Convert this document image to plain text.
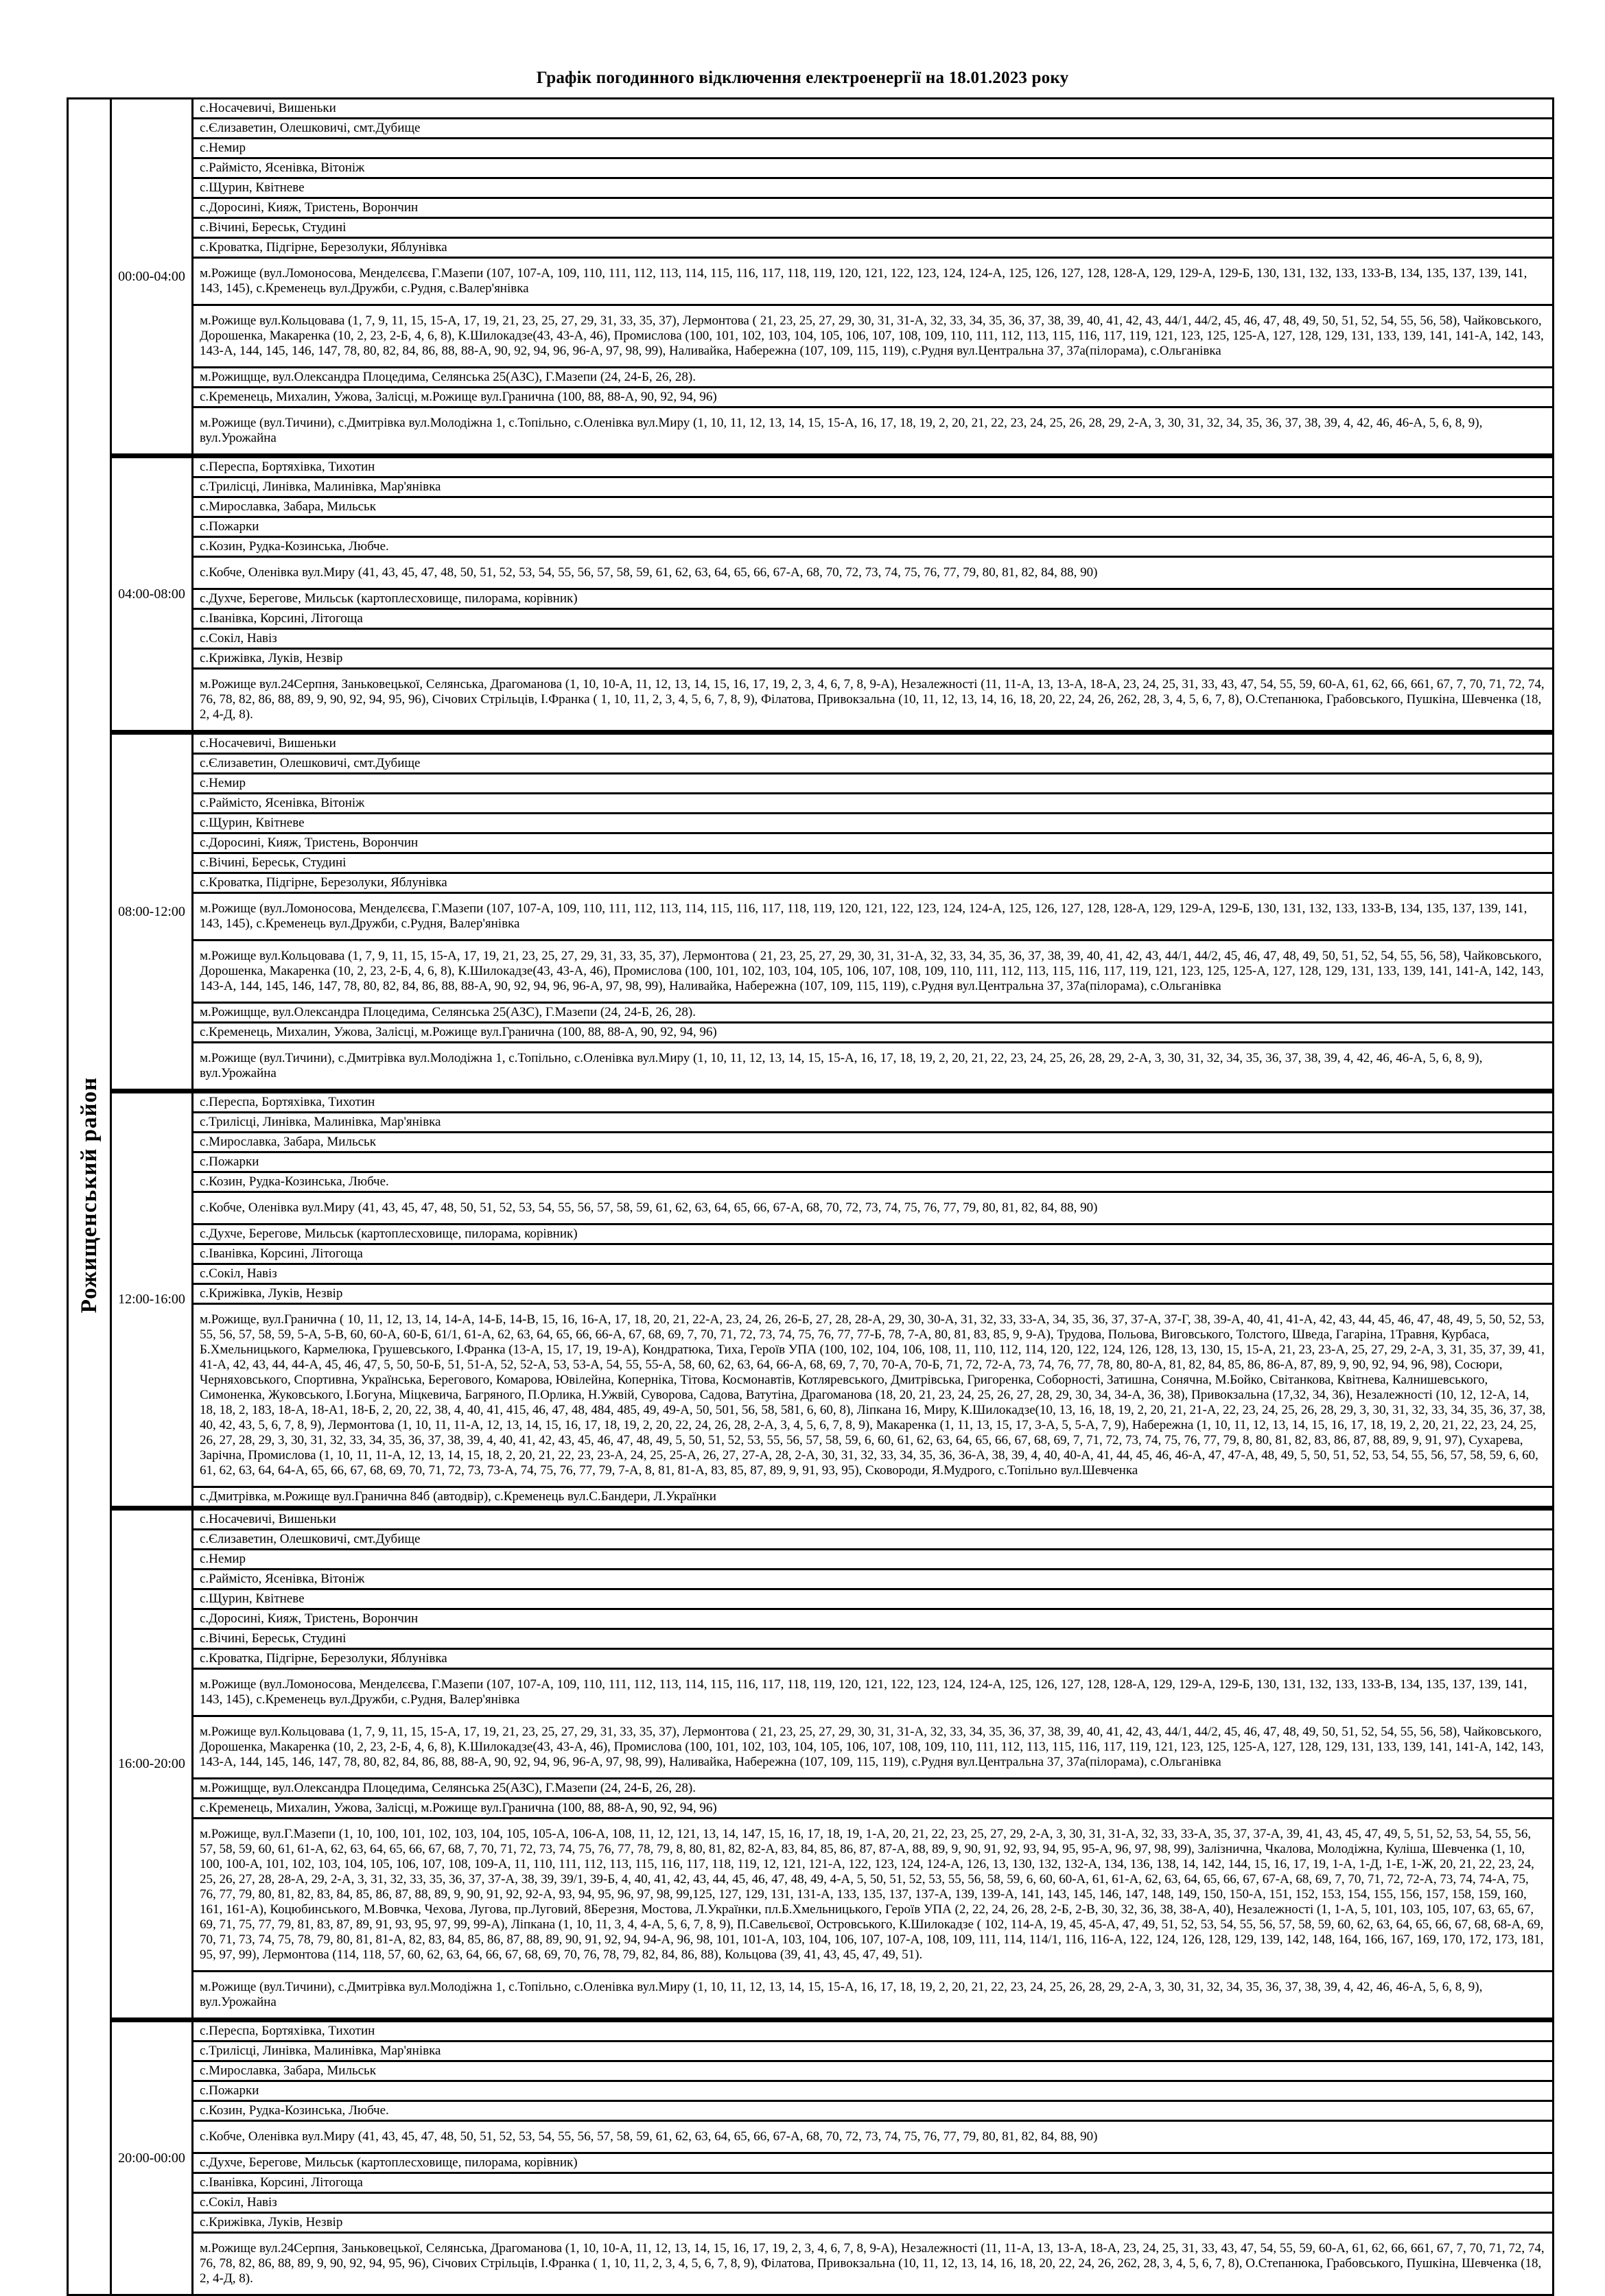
Графік погодинного відключення електроенергії на 18.01.2023 року
Рожищенський район	00:00-04:00	с.Носачевичі, Вишеньки
		с.Єлизаветин, Олешковичі, смт.Дубище
		с.Немир
		с.Раймісто, Ясенівка, Вітоніж
		с.Щурин, Квітневе
		с.Доросині, Кияж, Тристень, Ворончин
		с.Вічині, Береськ, Студині
		с.Кроватка, Підгірне, Березолуки, Яблунівка
		м.Рожище (вул.Ломоносова, Менделєєва, Г.Мазепи (107, 107-А, 109, 110, 111, 112, 113, 114, 115, 116, 117, 118, 119, 120, 121, 122, 123, 124, 124-А, 125, 126, 127, 128, 128-А, 129, 129-А, 129-Б, 130, 131, 132, 133, 133-В, 134, 135, 137, 139, 141, 143, 145), с.Кременець вул.Дружби, с.Рудня, с.Валер'янівка
		м.Рожище вул.Кольцовава (1, 7, 9, 11, 15, 15-А, 17, 19, 21, 23, 25, 27, 29, 31, 33, 35, 37), Лермонтова ( 21, 23, 25, 27, 29, 30, 31, 31-А, 32, 33, 34, 35, 36, 37, 38, 39, 40, 41, 42, 43, 44/1, 44/2, 45, 46, 47, 48, 49, 50, 51, 52, 54, 55, 56, 58), Чайковського, Дорошенка, Макаренка (10, 2, 23, 2-Б, 4, 6, 8), К.Шилокадзе(43, 43-А, 46), Промислова (100, 101, 102, 103, 104, 105, 106, 107, 108, 109, 110, 111, 112, 113, 115, 116, 117, 119, 121, 123, 125, 125-А, 127, 128, 129, 131, 133, 139, 141, 141-А, 142, 143, 143-А, 144, 145, 146, 147, 78, 80, 82, 84, 86, 88, 88-А, 90, 92, 94, 96, 96-А, 97, 98, 99), Наливайка, Набережна (107, 109, 115, 119), с.Рудня вул.Центральна 37, 37а(пілорама), с.Ольганівка
		м.Рожищще, вул.Олександра Плоцедима, Селянська 25(АЗС), Г.Мазепи (24, 24-Б, 26, 28).
		с.Кременець, Михалин, Ужова, Залісці, м.Рожище вул.Гранична (100, 88, 88-А, 90, 92, 94, 96)
		м.Рожище (вул.Тичини), с.Дмитрівка вул.Молодіжна 1, с.Топільно, с.Оленівка вул.Миру (1, 10, 11, 12, 13, 14, 15, 15-А, 16, 17, 18, 19, 2, 20, 21, 22, 23, 24, 25, 26, 28, 29, 2-А, 3, 30, 31, 32, 34, 35, 36, 37, 38, 39, 4, 42, 46, 46-А, 5, 6, 8, 9), вул.Урожайна
	04:00-08:00	с.Переспа, Бортяхівка, Тихотин
		с.Трилісці, Линівка, Малинівка, Мар'янівка
		с.Мирославка, Забара, Мильськ
		с.Пожарки
		с.Козин, Рудка-Козинська, Любче.
		с.Кобче, Оленівка вул.Миру (41, 43, 45, 47, 48, 50, 51, 52, 53, 54, 55, 56, 57, 58, 59, 61, 62, 63, 64, 65, 66, 67-А, 68, 70, 72, 73, 74, 75, 76, 77, 79, 80, 81, 82, 84, 88, 90)
		с.Духче, Берегове, Мильськ (картоплесховище, пилорама, корівник)
		с.Іванівка, Корсині, Літогоща
		с.Сокіл, Навіз
		с.Крижівка, Луків, Незвір
		м.Рожище вул.24Серпня, Заньковецької, Селянська, Драгоманова (1, 10, 10-А, 11, 12, 13, 14, 15, 16, 17, 19, 2, 3, 4, 6, 7, 8, 9-А), Незалежності (11, 11-А, 13, 13-А, 18-А, 23, 24, 25, 31, 33, 43, 47, 54, 55, 59, 60-А, 61, 62, 66, 661, 67, 7, 70, 71, 72, 74, 76, 78, 82, 86, 88, 89, 9, 90, 92, 94, 95, 96), Січових Стрільців, І.Франка ( 1, 10, 11, 2, 3, 4, 5, 6, 7, 8, 9), Філатова, Привокзальна (10, 11, 12, 13, 14, 16, 18, 20, 22, 24, 26, 262, 28, 3, 4, 5, 6, 7, 8), О.Степанюка, Грабовського, Пушкіна, Шевченка (18, 2, 4-Д, 8).
	08:00-12:00	с.Носачевичі, Вишеньки
		с.Єлизаветин, Олешковичі, смт.Дубище
		с.Немир
		с.Раймісто, Ясенівка, Вітоніж
		с.Щурин, Квітневе
		с.Доросині, Кияж, Тристень, Ворончин
		с.Вічині, Береськ, Студині
		с.Кроватка, Підгірне, Березолуки, Яблунівка
		м.Рожище (вул.Ломоносова, Менделєєва, Г.Мазепи (107, 107-А, 109, 110, 111, 112, 113, 114, 115, 116, 117, 118, 119, 120, 121, 122, 123, 124, 124-А, 125, 126, 127, 128, 128-А, 129, 129-А, 129-Б, 130, 131, 132, 133, 133-В, 134, 135, 137, 139, 141, 143, 145), с.Кременець вул.Дружби, с.Рудня, Валер'янівка
		м.Рожище вул.Кольцовава (1, 7, 9, 11, 15, 15-А, 17, 19, 21, 23, 25, 27, 29, 31, 33, 35, 37), Лермонтова ( 21, 23, 25, 27, 29, 30, 31, 31-А, 32, 33, 34, 35, 36, 37, 38, 39, 40, 41, 42, 43, 44/1, 44/2, 45, 46, 47, 48, 49, 50, 51, 52, 54, 55, 56, 58), Чайковського, Дорошенка, Макаренка (10, 2, 23, 2-Б, 4, 6, 8), К.Шилокадзе(43, 43-А, 46), Промислова (100, 101, 102, 103, 104, 105, 106, 107, 108, 109, 110, 111, 112, 113, 115, 116, 117, 119, 121, 123, 125, 125-А, 127, 128, 129, 131, 133, 139, 141, 141-А, 142, 143, 143-А, 144, 145, 146, 147, 78, 80, 82, 84, 86, 88, 88-А, 90, 92, 94, 96, 96-А, 97, 98, 99), Наливайка, Набережна (107, 109, 115, 119), с.Рудня вул.Центральна 37, 37а(пілорама), с.Ольганівка
		м.Рожищще, вул.Олександра Плоцедима, Селянська 25(АЗС), Г.Мазепи (24, 24-Б, 26, 28).
		с.Кременець, Михалин, Ужова, Залісці, м.Рожище вул.Гранична (100, 88, 88-А, 90, 92, 94, 96)
		м.Рожище (вул.Тичини), с.Дмитрівка вул.Молодіжна 1, с.Топільно, с.Оленівка вул.Миру (1, 10, 11, 12, 13, 14, 15, 15-А, 16, 17, 18, 19, 2, 20, 21, 22, 23, 24, 25, 26, 28, 29, 2-А, 3, 30, 31, 32, 34, 35, 36, 37, 38, 39, 4, 42, 46, 46-А, 5, 6, 8, 9), вул.Урожайна
	12:00-16:00	с.Переспа, Бортяхівка, Тихотин
		с.Трилісці, Линівка, Малинівка, Мар'янівка
		с.Мирославка, Забара, Мильськ
		с.Пожарки
		с.Козин, Рудка-Козинська, Любче.
		с.Кобче, Оленівка вул.Миру (41, 43, 45, 47, 48, 50, 51, 52, 53, 54, 55, 56, 57, 58, 59, 61, 62, 63, 64, 65, 66, 67-А, 68, 70, 72, 73, 74, 75, 76, 77, 79, 80, 81, 82, 84, 88, 90)
		с.Духче, Берегове, Мильськ (картоплесховище, пилорама, корівник)
		с.Іванівка, Корсині, Літогоща
		с.Сокіл, Навіз
		с.Крижівка, Луків, Незвір
		м.Рожище, вул.Гранична ( 10, 11, 12, 13, 14, 14-А, 14-Б, 14-В, 15, 16, 16-А, 17, 18, 20, 21, 22-А, 23, 24, 26, 26-Б, 27, 28, 28-А, 29, 30, 30-А, 31, 32, 33, 33-А, 34, 35, 36, 37, 37-А, 37-Г, 38, 39-А, 40, 41, 41-А, 42, 43, 44, 45, 46, 47, 48, 49, 5, 50, 52, 53, 55, 56, 57, 58, 59, 5-А, 5-В, 60, 60-А, 60-Б, 61/1, 61-А, 62, 63, 64, 65, 66, 66-А, 67, 68, 69, 7, 70, 71, 72, 73, 74, 75, 76, 77, 77-Б, 78, 7-А, 80, 81, 83, 85, 9, 9-А), Трудова, Польова, Виговського, Толстого, Шведа, Гагаріна, 1Травня, Курбаса, Б.Хмельницького, Кармелюка, Грушевського, І.Франка (13-А, 15, 17, 19, 19-А), Кондратюка, Тиха, Героїв УПА (100, 102, 104, 106, 108, 11, 110, 112, 114, 120, 122, 124, 126, 128, 13, 130, 15, 15-А, 21, 23, 23-А, 25, 27, 29, 2-А, 3, 31, 35, 37, 39, 41, 41-А, 42, 43, 44, 44-А, 45, 46, 47, 5, 50, 50-Б, 51, 51-А, 52, 52-А, 53, 53-А, 54, 55, 55-А, 58, 60, 62, 63, 64, 66-А, 68, 69, 7, 70, 70-А, 70-Б, 71, 72, 72-А, 73, 74, 76, 77, 78, 80, 80-А, 81, 82, 84, 85, 86, 86-А, 87, 89, 9, 90, 92, 94, 96, 98), Сосюри, Черняховського, Спортивна, Українська, Берегового, Комарова, Ювілейна, Коперніка, Тітова, Космонавтів, Котляревського, Дмитрівська, Григоренка, Соборності, Затишна, Сонячна, М.Бойко, Світанкова, Квітнева, Калнишевського, Симоненка, Жуковського, І.Богуна, Міцкевича, Багряного, П.Орлика, Н.Ужвій, Суворова, Садова, Ватутіна, Драгоманова (18, 20, 21, 23, 24, 25, 26, 27, 28, 29, 30, 34, 34-А, 36, 38), Привокзальна (17,32, 34, 36), Незалежності (10, 12, 12-А, 14, 18, 18, 2, 183, 18-А, 18-А1, 18-Б, 2, 20, 22, 38, 4, 40, 41, 415, 46, 47, 48, 484, 485, 49, 49-А, 50, 501, 56, 58, 581, 6, 60, 8), Ліпкана 16, Миру, К.Шилокадзе(10, 13, 16, 18, 19, 2, 20, 21, 21-А, 22, 23, 24, 25, 26, 28, 29, 3, 30, 31, 32, 33, 34, 35, 36, 37, 38, 40, 42, 43, 5, 6, 7, 8, 9), Лермонтова (1, 10, 11, 11-А, 12, 13, 14, 15, 16, 17, 18, 19, 2, 20, 22, 24, 26, 28, 2-А, 3, 4, 5, 6, 7, 8, 9), Макаренка (1, 11, 13, 15, 17, 3-А, 5, 5-А, 7, 9), Набережна (1, 10, 11, 12, 13, 14, 15, 16, 17, 18, 19, 2, 20, 21, 22, 23, 24, 25, 26, 27, 28, 29, 3, 30, 31, 32, 33, 34, 35, 36, 37, 38, 39, 4, 40, 41, 42, 43, 45, 46, 47, 48, 49, 5, 50, 51, 52, 53, 55, 56, 57, 58, 59, 6, 60, 61, 62, 63, 64, 65, 66, 67, 68, 69, 7, 71, 72, 73, 74, 75, 76, 77, 79, 8, 80, 81, 82, 83, 86, 87, 88, 89, 9, 91, 97), Сухарева, Зарічна, Промислова (1, 10, 11, 11-А, 12, 13, 14, 15, 18, 2, 20, 21, 22, 23, 23-А, 24, 25, 25-А, 26, 27, 27-А, 28, 2-А, 30, 31, 32, 33, 34, 35, 36, 36-А, 38, 39, 4, 40, 40-А, 41, 44, 45, 46, 46-А, 47, 47-А, 48, 49, 5, 50, 51, 52, 53, 54, 55, 56, 57, 58, 59, 6, 60, 61, 62, 63, 64, 64-А, 65, 66, 67, 68, 69, 70, 71, 72, 73, 73-А, 74, 75, 76, 77, 79, 7-А, 8, 81, 81-А, 83, 85, 87, 89, 9, 91, 93, 95), Сковороди, Я.Мудрого, с.Топільно вул.Шевченка
		с.Дмитрівка, м.Рожище вул.Гранична 84б (автодвір), с.Кременець вул.С.Бандери, Л.Українки
	16:00-20:00	с.Носачевичі, Вишеньки
		с.Єлизаветин, Олешковичі, смт.Дубище
		с.Немир
		с.Раймісто, Ясенівка, Вітоніж
		с.Щурин, Квітневе
		с.Доросині, Кияж, Тристень, Ворончин
		с.Вічині, Береськ, Студині
		с.Кроватка, Підгірне, Березолуки, Яблунівка
		м.Рожище (вул.Ломоносова, Менделєєва, Г.Мазепи (107, 107-А, 109, 110, 111, 112, 113, 114, 115, 116, 117, 118, 119, 120, 121, 122, 123, 124, 124-А, 125, 126, 127, 128, 128-А, 129, 129-А, 129-Б, 130, 131, 132, 133, 133-В, 134, 135, 137, 139, 141, 143, 145), с.Кременець вул.Дружби, с.Рудня, Валер'янівка
		м.Рожище вул.Кольцовава (1, 7, 9, 11, 15, 15-А, 17, 19, 21, 23, 25, 27, 29, 31, 33, 35, 37), Лермонтова ( 21, 23, 25, 27, 29, 30, 31, 31-А, 32, 33, 34, 35, 36, 37, 38, 39, 40, 41, 42, 43, 44/1, 44/2, 45, 46, 47, 48, 49, 50, 51, 52, 54, 55, 56, 58), Чайковського, Дорошенка, Макаренка (10, 2, 23, 2-Б, 4, 6, 8), К.Шилокадзе(43, 43-А, 46), Промислова (100, 101, 102, 103, 104, 105, 106, 107, 108, 109, 110, 111, 112, 113, 115, 116, 117, 119, 121, 123, 125, 125-А, 127, 128, 129, 131, 133, 139, 141, 141-А, 142, 143, 143-А, 144, 145, 146, 147, 78, 80, 82, 84, 86, 88, 88-А, 90, 92, 94, 96, 96-А, 97, 98, 99), Наливайка, Набережна (107, 109, 115, 119), с.Рудня вул.Центральна 37, 37а(пілорама), с.Ольганівка
		м.Рожищще, вул.Олександра Плоцедима, Селянська 25(АЗС), Г.Мазепи (24, 24-Б, 26, 28).
		с.Кременець, Михалин, Ужова, Залісці, м.Рожище вул.Гранична (100, 88, 88-А, 90, 92, 94, 96)
		м.Рожище, вул.Г.Мазепи (1, 10, 100, 101, 102, 103, 104, 105, 105-А, 106-А, 108, 11, 12, 121, 13, 14, 147, 15, 16, 17, 18, 19, 1-А, 20, 21, 22, 23, 25, 27, 29, 2-А, 3, 30, 31, 31-А, 32, 33, 33-А, 35, 37, 37-А, 39, 41, 43, 45, 47, 49, 5, 51, 52, 53, 54, 55, 56, 57, 58, 59, 60, 61, 61-А, 62, 63, 64, 65, 66, 67, 68, 7, 70, 71, 72, 73, 74, 75, 76, 77, 78, 79, 8, 80, 81, 82, 82-А, 83, 84, 85, 86, 87, 87-А, 88, 89, 9, 90, 91, 92, 93, 94, 95, 95-А, 96, 97, 98, 99), Залізнична, Чкалова, Молодіжна, Куліша, Шевченка (1, 10, 100, 100-А, 101, 102, 103, 104, 105, 106, 107, 108, 109-А, 11, 110, 111, 112, 113, 115, 116, 117, 118, 119, 12, 121, 121-А, 122, 123, 124, 124-А, 126, 13, 130, 132, 132-А, 134, 136, 138, 14, 142, 144, 15, 16, 17, 19, 1-А, 1-Д, 1-Е, 1-Ж, 20, 21, 22, 23, 24, 25, 26, 27, 28, 28-А, 29, 2-А, 3, 31, 32, 33, 35, 36, 37, 37-А, 38, 39, 39/1, 39-Б, 4, 40, 41, 42, 43, 44, 45, 46, 47, 48, 49, 4-А, 5, 50, 51, 52, 53, 55, 56, 58, 59, 6, 60, 60-А, 61, 61-А, 62, 63, 64, 65, 66, 67, 67-А, 68, 69, 7, 70, 71, 72, 72-А, 73, 74, 74-А, 75, 76, 77, 79, 80, 81, 82, 83, 84, 85, 86, 87, 88, 89, 9, 90, 91, 92, 92-А, 93, 94, 95, 96, 97, 98, 99,125, 127, 129, 131, 131-А, 133, 135, 137, 137-А, 139, 139-А, 141, 143, 145, 146, 147, 148, 149, 150, 150-А, 151, 152, 153, 154, 155, 156, 157, 158, 159, 160, 161, 161-А), Коцюбинського, М.Вовчка, Чехова, Лугова, пр.Луговий, 8Березня, Мостова, Л.Українки, пл.Б.Хмельницького, Героїв УПА (2, 22, 24, 26, 28, 2-Б, 2-В, 30, 32, 36, 38, 38-А, 40), Незалежності (1, 1-А, 5, 101, 103, 105, 107, 63, 65, 67, 69, 71, 75, 77, 79, 81, 83, 87, 89, 91, 93, 95, 97, 99, 99-А), Ліпкана (1, 10, 11, 3, 4, 4-А, 5, 6, 7, 8, 9), П.Савельєвої, Островського, К.Шилокадзе ( 102, 114-А, 19, 45, 45-А, 47, 49, 51, 52, 53, 54, 55, 56, 57, 58, 59, 60, 62, 63, 64, 65, 66, 67, 68, 68-А, 69, 70, 71, 73, 74, 75, 78, 79, 80, 81, 81-А, 82, 83, 84, 85, 86, 87, 88, 89, 90, 91, 92, 94, 94-А, 96, 98, 101, 101-А, 103, 104, 106, 107, 107-А, 108, 109, 111, 114, 114/1, 116, 116-А, 122, 124, 126, 128, 129, 139, 142, 148, 164, 166, 167, 169, 170, 172, 173, 181, 95, 97, 99), Лермонтова (114, 118, 57, 60, 62, 63, 64, 66, 67, 68, 69, 70, 76, 78, 79, 82, 84, 86, 88), Кольцова (39, 41, 43, 45, 47, 49, 51).
		м.Рожище (вул.Тичини), с.Дмитрівка вул.Молодіжна 1, с.Топільно, с.Оленівка вул.Миру (1, 10, 11, 12, 13, 14, 15, 15-А, 16, 17, 18, 19, 2, 20, 21, 22, 23, 24, 25, 26, 28, 29, 2-А, 3, 30, 31, 32, 34, 35, 36, 37, 38, 39, 4, 42, 46, 46-А, 5, 6, 8, 9), вул.Урожайна
	20:00-00:00	с.Переспа, Бортяхівка, Тихотин
		с.Трилісці, Линівка, Малинівка, Мар'янівка
		с.Мирославка, Забара, Мильськ
		с.Пожарки
		с.Козин, Рудка-Козинська, Любче.
		с.Кобче, Оленівка вул.Миру (41, 43, 45, 47, 48, 50, 51, 52, 53, 54, 55, 56, 57, 58, 59, 61, 62, 63, 64, 65, 66, 67-А, 68, 70, 72, 73, 74, 75, 76, 77, 79, 80, 81, 82, 84, 88, 90)
		с.Духче, Берегове, Мильськ (картоплесховище, пилорама, корівник)
		с.Іванівка, Корсині, Літогоща
		с.Сокіл, Навіз
		с.Крижівка, Луків, Незвір
		м.Рожище вул.24Серпня, Заньковецької, Селянська, Драгоманова (1, 10, 10-А, 11, 12, 13, 14, 15, 16, 17, 19, 2, 3, 4, 6, 7, 8, 9-А), Незалежності (11, 11-А, 13, 13-А, 18-А, 23, 24, 25, 31, 33, 43, 47, 54, 55, 59, 60-А, 61, 62, 66, 661, 67, 7, 70, 71, 72, 74, 76, 78, 82, 86, 88, 89, 9, 90, 92, 94, 95, 96), Січових Стрільців, І.Франка ( 1, 10, 11, 2, 3, 4, 5, 6, 7, 8, 9), Філатова, Привокзальна (10, 11, 12, 13, 14, 16, 18, 20, 22, 24, 26, 262, 28, 3, 4, 5, 6, 7, 8), О.Степанюка, Грабовського, Пушкіна, Шевченка (18, 2, 4-Д, 8).
